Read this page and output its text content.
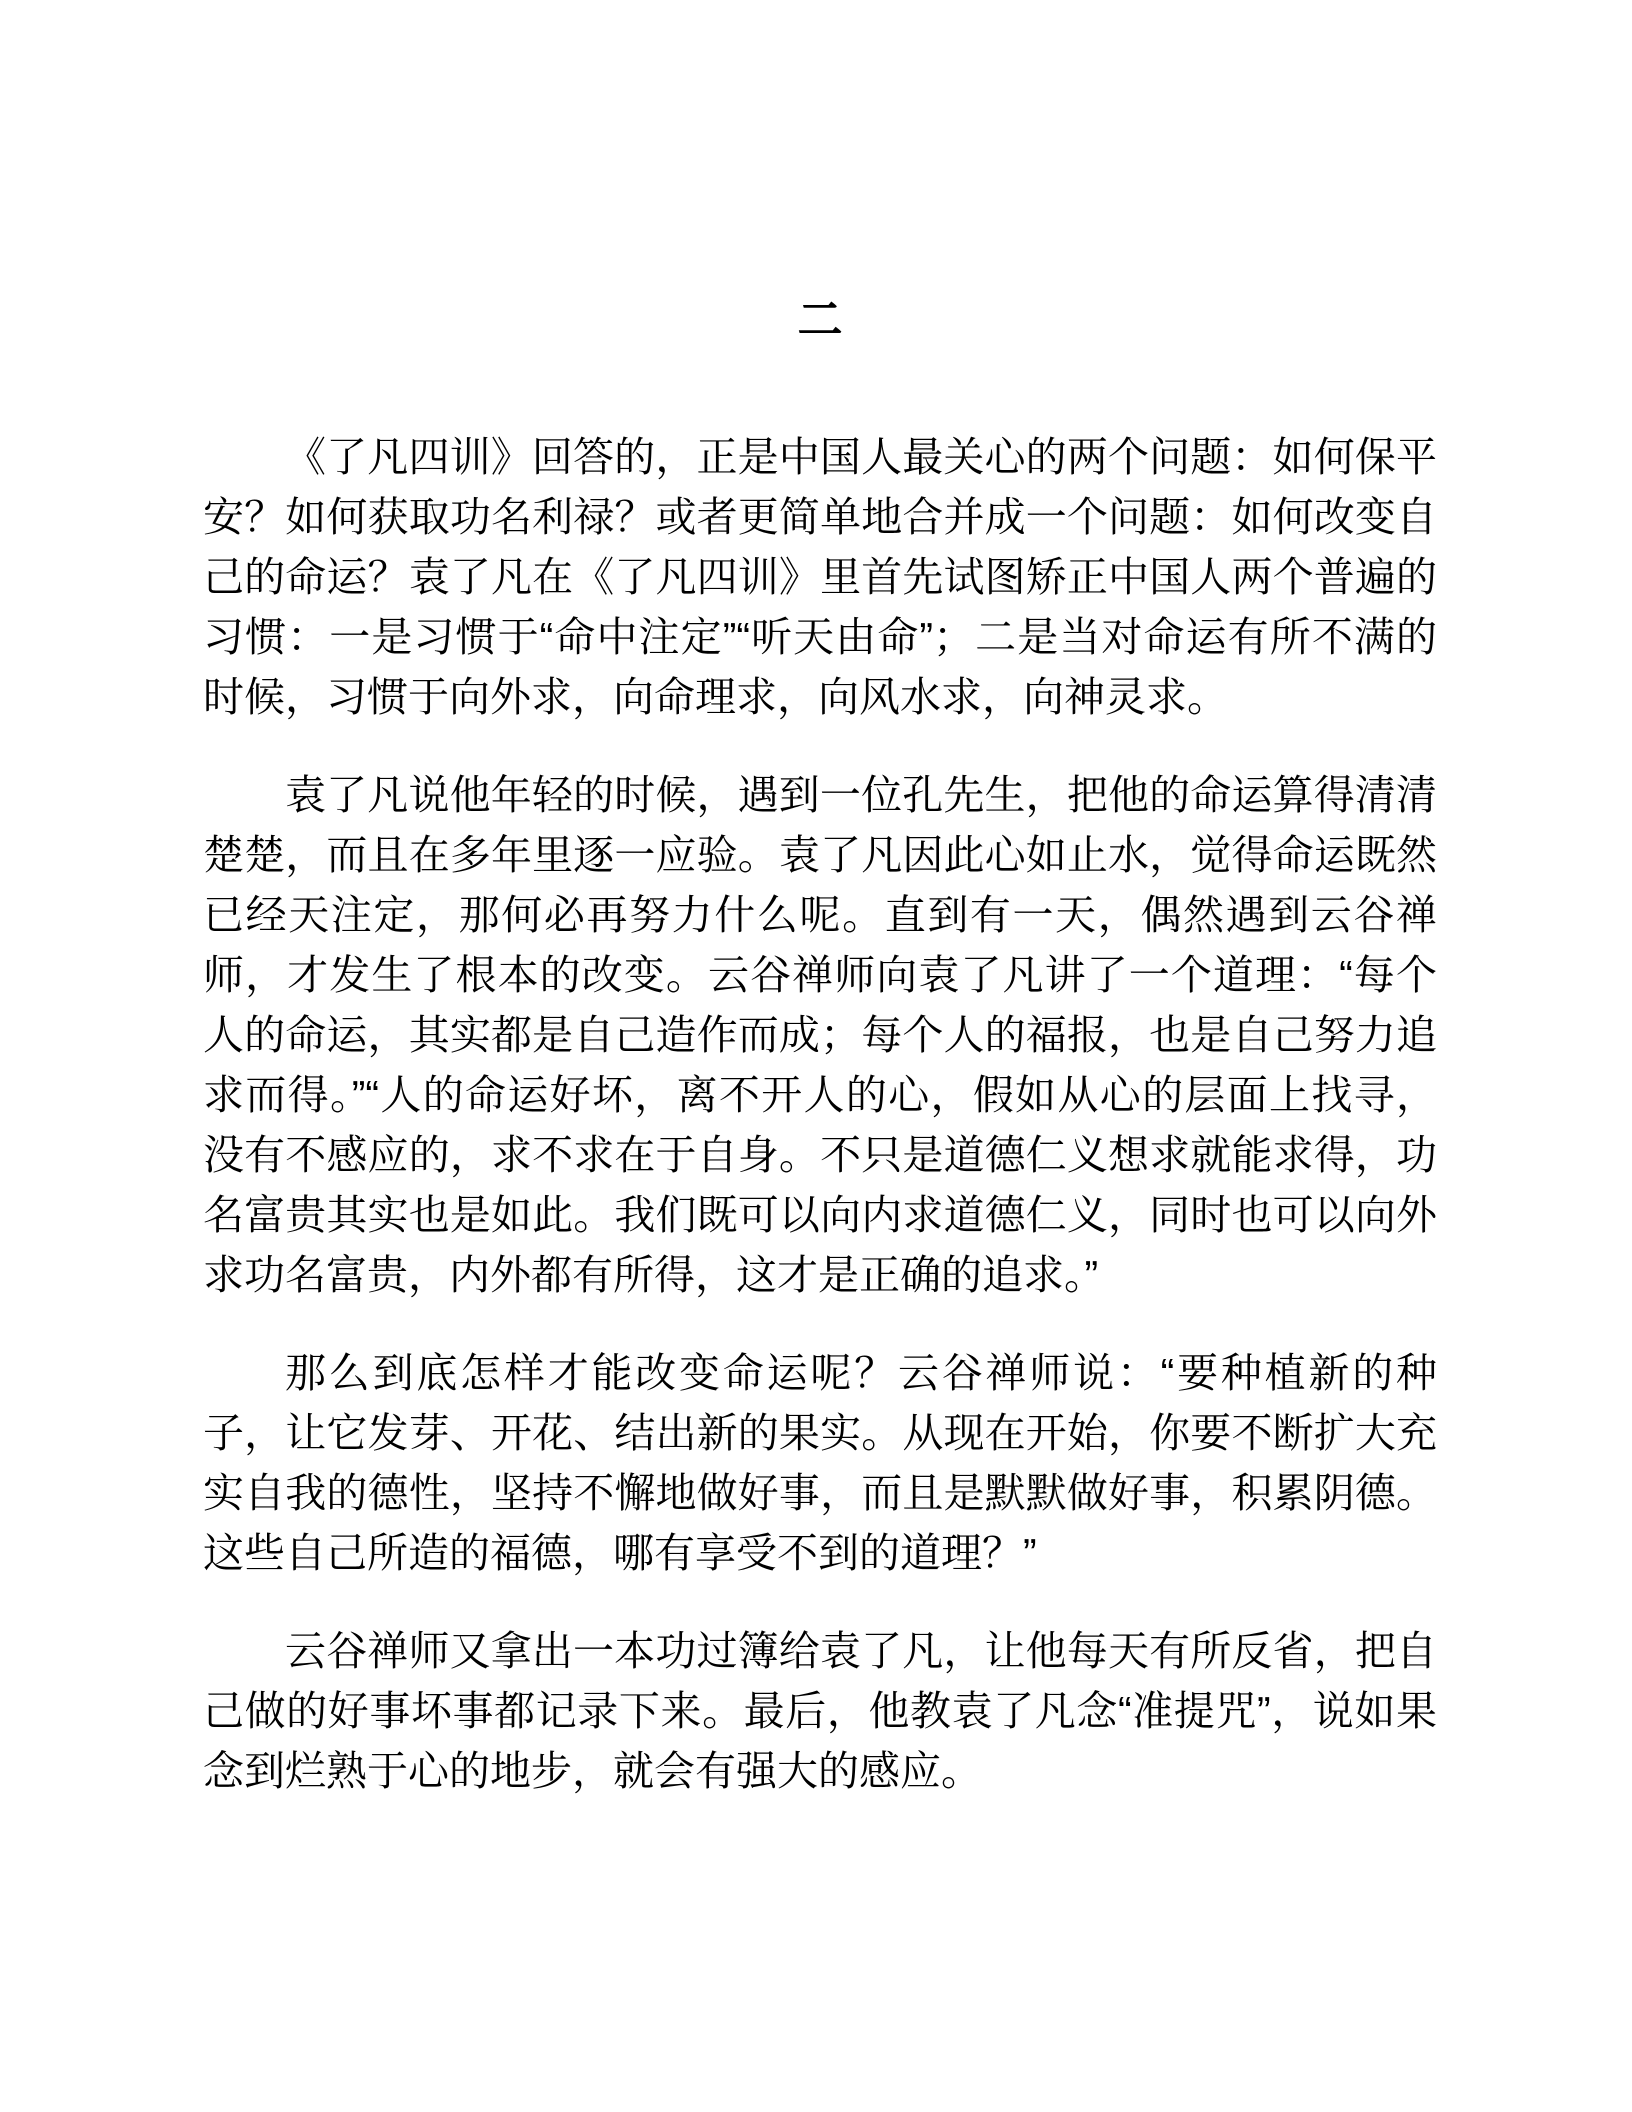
二

《了凡四训》回答的，正是中国人最关心的两个问题：如何保平安？如何获取功名利禄？或者更简单地合并成一个问题：如何改变自己的命运？袁了凡在《了凡四训》里首先试图矫正中国人两个普遍的习惯：一是习惯于“命中注定”“听天由命”；二是当对命运有所不满的时候，习惯于向外求，向命理求，向风水求，向神灵求。

袁了凡说他年轻的时候，遇到一位孔先生，把他的命运算得清清楚楚，而且在多年里逐一应验。袁了凡因此心如止水，觉得命运既然已经天注定，那何必再努力什么呢。直到有一天，偶然遇到云谷禅师，才发生了根本的改变。云谷禅师向袁了凡讲了一个道理：“每个人的命运，其实都是自己造作而成；每个人的福报，也是自己努力追求而得。”“人的命运好坏，离不开人的心，假如从心的层面上找寻，没有不感应的，求不求在于自身。不只是道德仁义想求就能求得，功名富贵其实也是如此。我们既可以向内求道德仁义，同时也可以向外求功名富贵，内外都有所得，这才是正确的追求。”

那么到底怎样才能改变命运呢？云谷禅师说：“要种植新的种子，让它发芽、开花、结出新的果实。从现在开始，你要不断扩大充实自我的德性，坚持不懈地做好事，而且是默默做好事，积累阴德。这些自己所造的福德，哪有享受不到的道理？”

云谷禅师又拿出一本功过簿给袁了凡，让他每天有所反省，把自己做的好事坏事都记录下来。最后，他教袁了凡念“准提咒”，说如果念到烂熟于心的地步，就会有强大的感应。
